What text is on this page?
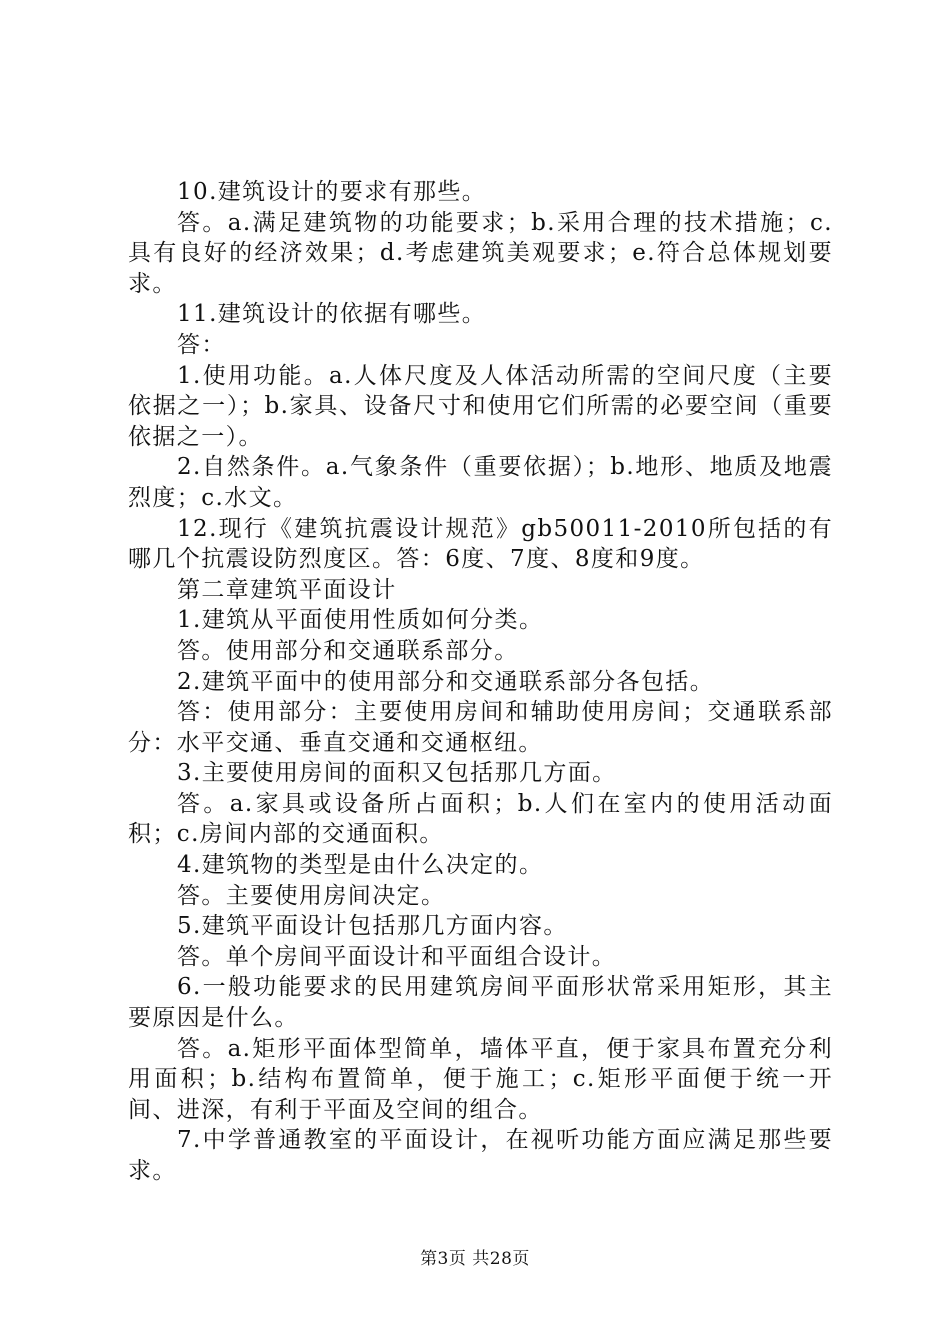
10.建筑设计的要求有那些。

答。a.满足建筑物的功能要求；b.采用合理的技术措施；c.具有良好的经济效果；d.考虑建筑美观要求；e.符合总体规划要求。

11.建筑设计的依据有哪些。

答：

1.使用功能。a.人体尺度及人体活动所需的空间尺度（主要依据之一）；b.家具、设备尺寸和使用它们所需的必要空间（重要依据之一）。

2.自然条件。a.气象条件（重要依据）；b.地形、地质及地震烈度；c.水文。

12.现行《建筑抗震设计规范》gb50011-2010所包括的有哪几个抗震设防烈度区。答：6度、7度、8度和9度。

第二章建筑平面设计

1.建筑从平面使用性质如何分类。

答。使用部分和交通联系部分。

2.建筑平面中的使用部分和交通联系部分各包括。

答：使用部分：主要使用房间和辅助使用房间；交通联系部分：水平交通、垂直交通和交通枢纽。

3.主要使用房间的面积又包括那几方面。

答。a.家具或设备所占面积；b.人们在室内的使用活动面积；c.房间内部的交通面积。

4.建筑物的类型是由什么决定的。

答。主要使用房间决定。

5.建筑平面设计包括那几方面内容。

答。单个房间平面设计和平面组合设计。

6.一般功能要求的民用建筑房间平面形状常采用矩形，其主要原因是什么。

答。a.矩形平面体型简单，墙体平直，便于家具布置充分利用面积；b.结构布置简单，便于施工；c.矩形平面便于统一开间、进深，有利于平面及空间的组合。

7.中学普通教室的平面设计，在视听功能方面应满足那些要求。

第3页 共28页
